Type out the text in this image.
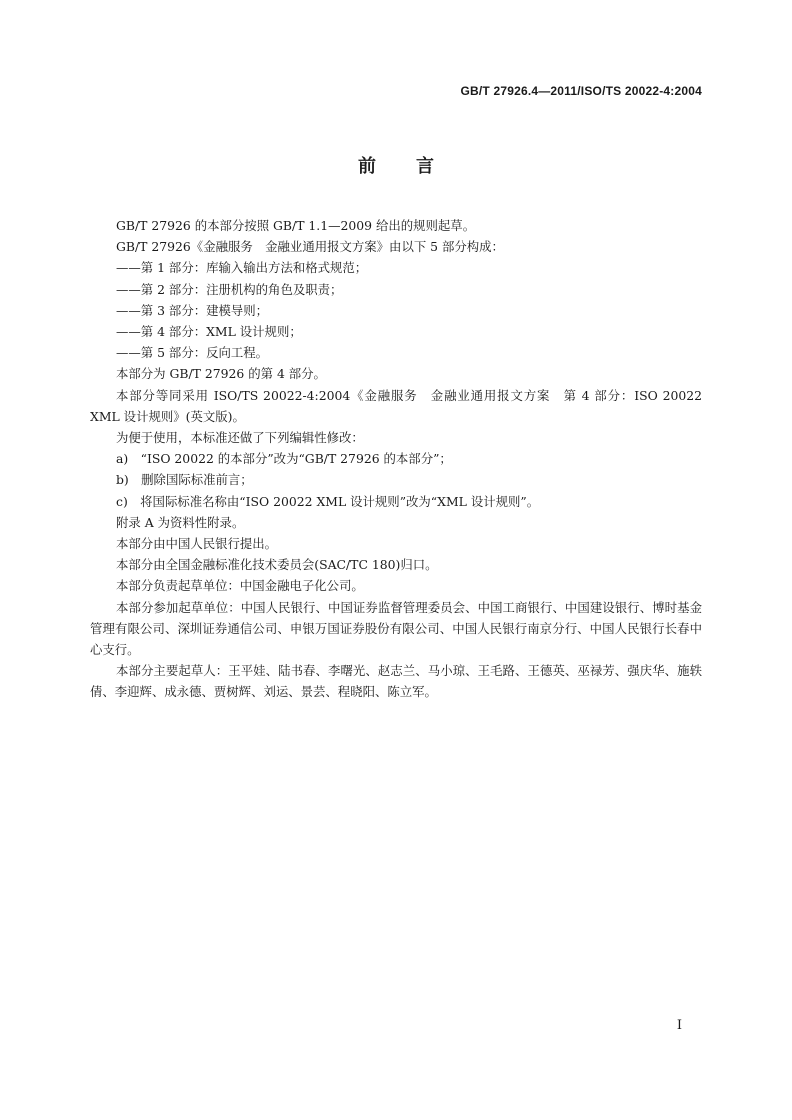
GB/T 27926.4—2011/ISO/TS 20022-4:2004
前言

GB/T 27926 的本部分按照 GB/T 1.1—2009 给出的规则起草。

GB/T 27926《金融服务　金融业通用报文方案》由以下 5 部分构成：

——第 1 部分：库输入输出方法和格式规范；

——第 2 部分：注册机构的角色及职责；

——第 3 部分：建模导则；

——第 4 部分：XML 设计规则；

——第 5 部分：反向工程。

本部分为 GB/T 27926 的第 4 部分。

本部分等同采用 ISO/TS 20022-4:2004《金融服务　金融业通用报文方案　第 4 部分：ISO 20022 XML 设计规则》(英文版)。

为便于使用，本标准还做了下列编辑性修改：

a)　“ISO 20022 的本部分”改为“GB/T 27926 的本部分”；

b)　删除国际标准前言；

c)　将国际标准名称由“ISO 20022 XML 设计规则”改为“XML 设计规则”。

附录 A 为资料性附录。

本部分由中国人民银行提出。

本部分由全国金融标准化技术委员会(SAC/TC 180)归口。

本部分负责起草单位：中国金融电子化公司。

本部分参加起草单位：中国人民银行、中国证券监督管理委员会、中国工商银行、中国建设银行、博时基金管理有限公司、深圳证券通信公司、申银万国证券股份有限公司、中国人民银行南京分行、中国人民银行长春中心支行。

本部分主要起草人：王平娃、陆书春、李曙光、赵志兰、马小琼、王毛路、王德英、巫禄芳、强庆华、施轶倩、李迎辉、成永德、贾树辉、刘运、景芸、程晓阳、陈立军。

I
